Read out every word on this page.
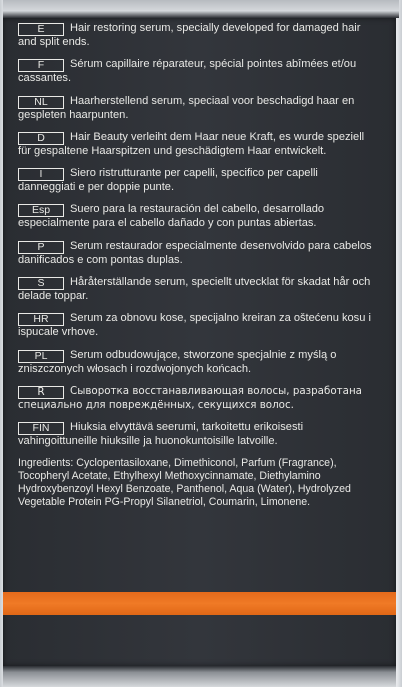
E Hair restoring serum, specially developed for damaged hair and split ends.
F Sérum capillaire réparateur, spécial pointes abîmées et/ou cassantes.
NL Haarherstellend serum, speciaal voor beschadigd haar en gespleten haarpunten.
D Hair Beauty verleiht dem Haar neue Kraft, es wurde speziell für gespaltene Haarspitzen und geschädigtem Haar entwickelt.
I Siero ristrutturante per capelli, specifico per capelli danneggiati e per doppie punte.
Esp Suero para la restauración del cabello, desarrollado especialmente para el cabello dañado y con puntas abiertas.
P Serum restaurador especialmente desenvolvido para cabelos danificados e com pontas duplas.
S Håråterställande serum, speciellt utvecklat för skadat hår och delade toppar.
HR Serum za obnovu kose, specijalno kreiran za oštećenu kosu i ispucale vrhove.
PL Serum odbudowujące, stworzone specjalnie z myślą o zniszczonych włosach i rozdwojonych końcach.
R Сыворотка восстанавливающая волосы, разработана специально для повреждённых, секущихся волос.
FIN Hiuksia elvyttävä seerumi, tarkoitettu erikoisesti vahingoittuneille hiuksille ja huonokuntoisille latvoille.
Ingredients: Cyclopentasiloxane, Dimethiconol, Parfum (Fragrance), Tocopheryl Acetate, Ethylhexyl Methoxycinnamate, Diethylamino Hydroxybenzoyl Hexyl Benzoate, Panthenol, Aqua (Water), Hydrolyzed Vegetable Protein PG-Propyl Silanetriol, Coumarin, Limonene.
